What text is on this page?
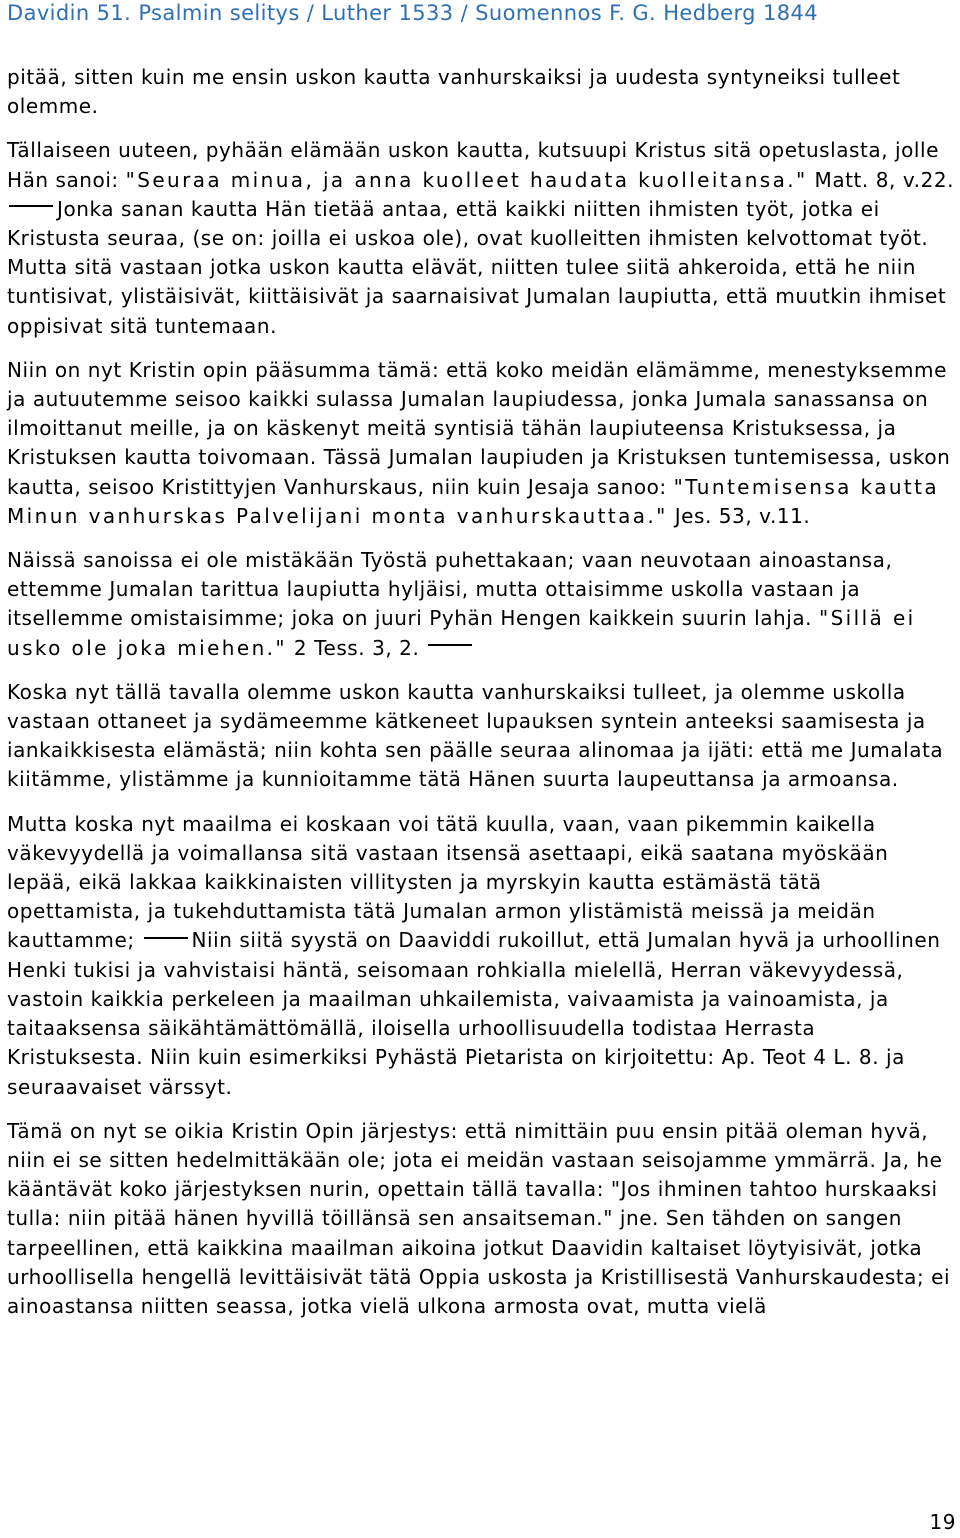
Davidin 51. Psalmin selitys / Luther 1533 / Suomennos F. G. Hedberg 1844

pitää, sitten kuin me ensin uskon kautta vanhurskaiksi ja uudesta syntyneiksi tulleet olemme.

Tällaiseen uuteen, pyhään elämään uskon kautta, kutsuupi Kristus sitä opetuslasta, jolle Hän sanoi: "Seuraa minua, ja anna kuolleet haudata kuolleitansa." Matt. 8, v.22. Jonka sanan kautta Hän tietää antaa, että kaikki niitten ihmisten työt, jotka ei Kristusta seuraa, (se on: joilla ei uskoa ole), ovat kuolleitten ihmisten kelvottomat työt. Mutta sitä vastaan jotka uskon kautta elävät, niitten tulee siitä ahkeroida, että he niin tuntisivat, ylistäisivät, kiittäisivät ja saarnaisivat Jumalan laupiutta, että muutkin ihmiset oppisivat sitä tuntemaan.

Niin on nyt Kristin opin pääsumma tämä: että koko meidän elämämme, menestyksemme ja autuutemme seisoo kaikki sulassa Jumalan laupiudessa, jonka Jumala sanassansa on ilmoittanut meille, ja on käskenyt meitä syntisiä tähän laupiuteensa Kristuksessa, ja Kristuksen kautta toivomaan. Tässä Jumalan laupiuden ja Kristuksen tuntemisessa, uskon kautta, seisoo Kristittyjen Vanhurskaus, niin kuin Jesaja sanoo: "Tuntemisensa kautta Minun vanhurskas Palvelijani monta vanhurskauttaa." Jes. 53, v.11.

Näissä sanoissa ei ole mistäkään Työstä puhettakaan; vaan neuvotaan ainoastansa, ettemme Jumalan tarittua laupiutta hyljäisi, mutta ottaisimme uskolla vastaan ja itsellemme omistaisimme; joka on juuri Pyhän Hengen kaikkein suurin lahja. "Sillä ei usko ole joka miehen." 2 Tess. 3, 2.

Koska nyt tällä tavalla olemme uskon kautta vanhurskaiksi tulleet, ja olemme uskolla vastaan ottaneet ja sydämeemme kätkeneet lupauksen syntein anteeksi saamisesta ja iankaikkisesta elämästä; niin kohta sen päälle seuraa alinomaa ja ijäti: että me Jumalata kiitämme, ylistämme ja kunnioitamme tätä Hänen suurta laupeuttansa ja armoansa.

Mutta koska nyt maailma ei koskaan voi tätä kuulla, vaan, vaan pikemmin kaikella väkevyydellä ja voimallansa sitä vastaan itsensä asettaapi, eikä saatana myöskään lepää, eikä lakkaa kaikkinaisten villitysten ja myrskyin kautta estämästä tätä opettamista, ja tukehduttamista tätä Jumalan armon ylistämistä meissä ja meidän kauttamme;	Niin siitä syystä on Daaviddi rukoillut, että Jumalan hyvä ja urhoollinen Henki tukisi ja vahvistaisi häntä, seisomaan rohkialla mielellä, Herran väkevyydessä, vastoin kaikkia perkeleen ja maailman uhkailemista, vaivaamista ja vainoamista, ja taitaaksensa säikähtämättömällä, iloisella urhoollisuudella todistaa Herrasta Kristuksesta. Niin kuin esimerkiksi Pyhästä Pietarista on kirjoitettu: Ap. Teot 4 L. 8. ja seuraavaiset värssyt.

Tämä on nyt se oikia Kristin Opin järjestys: että nimittäin puu ensin pitää oleman hyvä, niin ei se sitten hedelmittäkään ole; jota ei meidän vastaan seisojamme ymmärrä. Ja, he kääntävät koko järjestyksen nurin, opettain tällä tavalla: "Jos ihminen tahtoo hurskaaksi tulla: niin pitää hänen hyvillä töillänsä sen ansaitseman." jne. Sen tähden on sangen tarpeellinen, että kaikkina maailman aikoina jotkut Daavidin kaltaiset löytyisivät, jotka urhoollisella hengellä levittäisivät tätä Oppia uskosta ja Kristillisestä Vanhurskaudesta; ei ainoastansa niitten seassa, jotka vielä ulkona armosta ovat, mutta vielä

19
